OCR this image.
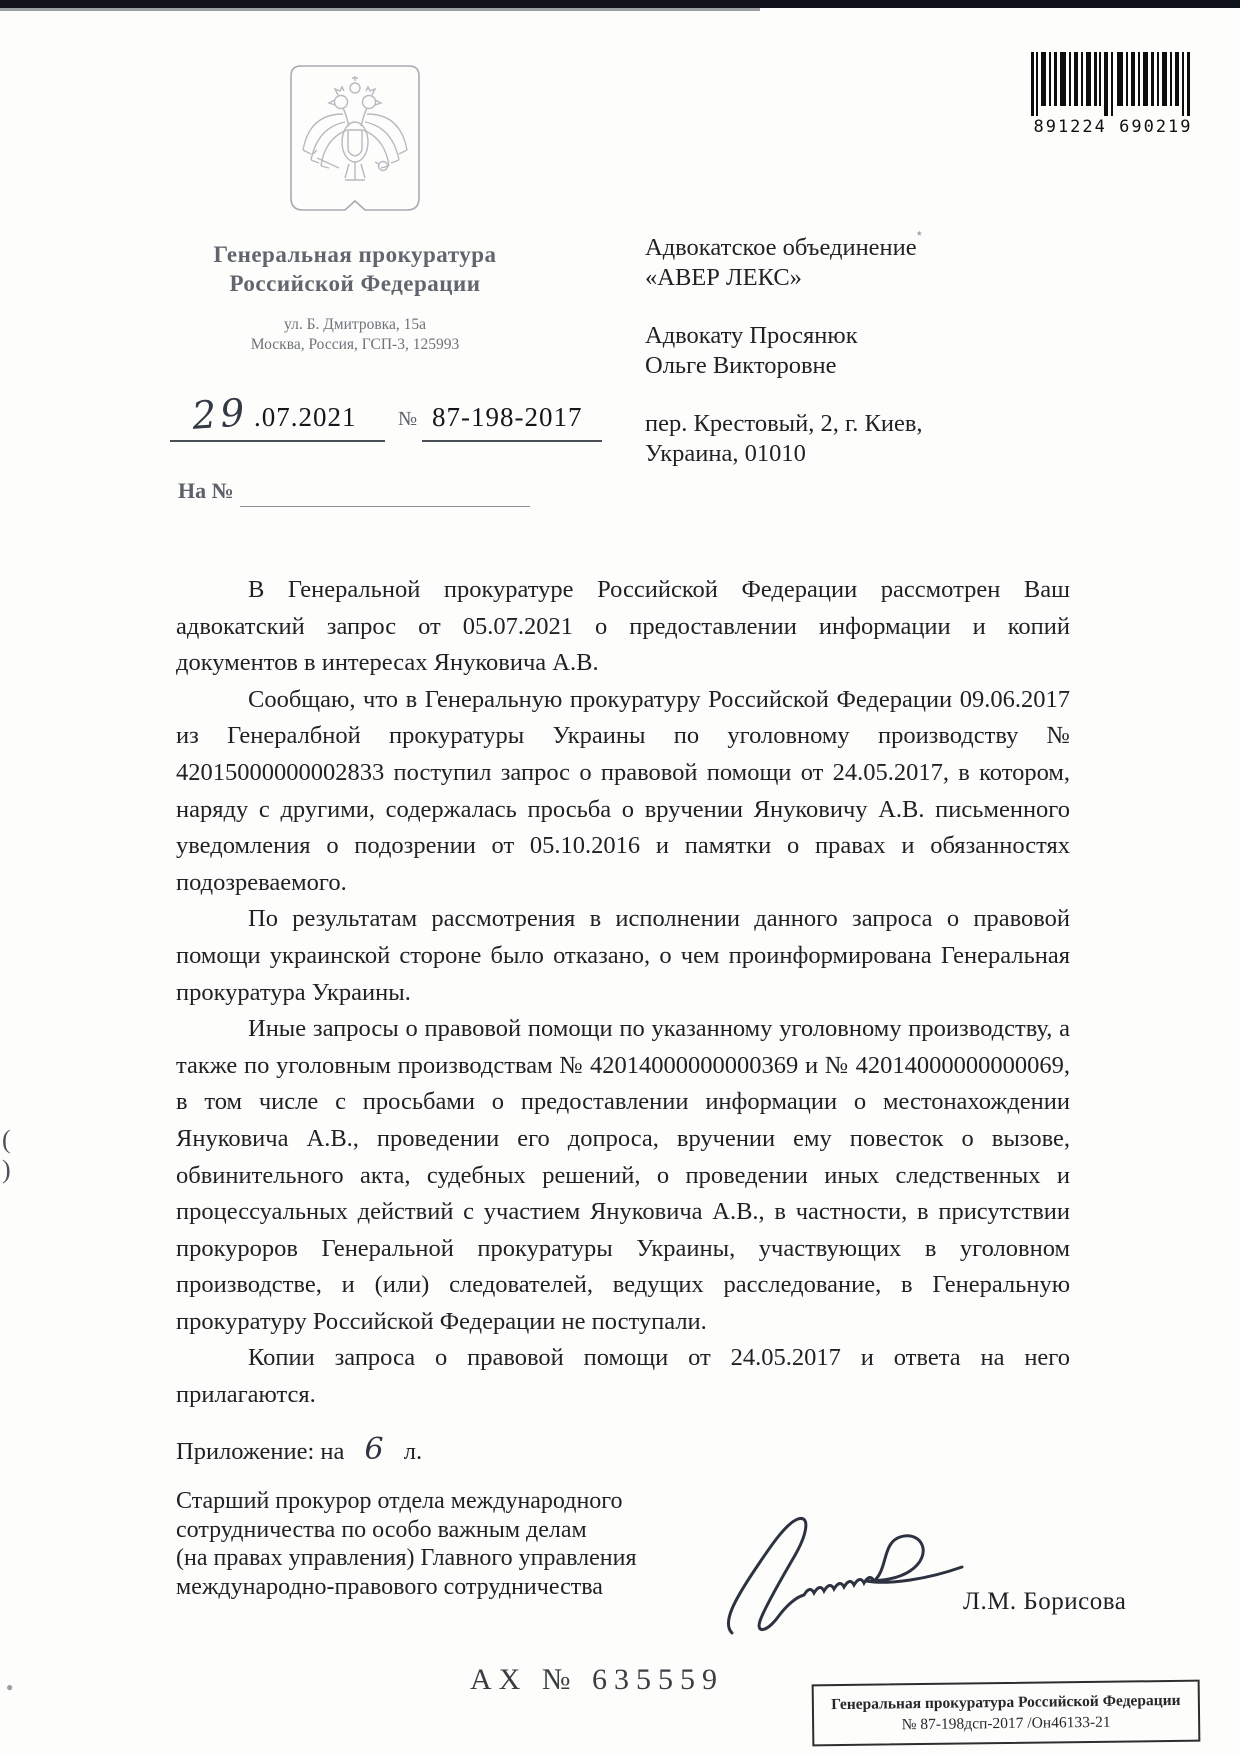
٭
(
)
●
Генеральная прокуратура
Российской Федерации
ул. Б. Дмитровка, 15а
Москва, Россия, ГСП-3, 125993
29 .07.2021 № 87-198-2017
На №
891224 690219
Адвокатское объединение
«АВЕР ЛЕКС»
Адвокату Просянюк
Ольге Викторовне
пер. Крестовый, 2, г. Киев,
Украина, 01010

В Генеральной прокуратуре Российской Федерации рассмотрен Ваш адвокатский запрос от 05.07.2021 о предоставлении информации и копий документов в интересах Януковича А.В.

Сообщаю, что в Генеральную прокуратуру Российской Федерации 09.06.2017 из Генералбной прокуратуры Украины по уголовному производству № 42015000000002833 поступил запрос о правовой помощи от 24.05.2017, в котором, наряду с другими, содержалась просьба о вручении Януковичу А.В. письменного уведомления о подозрении от 05.10.2016 и памятки о правах и обязанностях подозреваемого.

По результатам рассмотрения в исполнении данного запроса о правовой помощи украинской стороне было отказано, о чем проинформирована Генеральная прокуратура Украины.

Иные запросы о правовой помощи по указанному уголовному производству, а также по уголовным производствам № 42014000000000369 и № 42014000000000069, в том числе с просьбами о предоставлении информации о местонахождении Януковича А.В., проведении его допроса, вручении ему повесток о вызове, обвинительного акта, судебных решений, о проведении иных следственных и процессуальных действий с участием Януковича А.В., в частности, в присутствии прокуроров Генеральной прокуратуры Украины, участвующих в уголовном производстве, и (или) следователей, ведущих расследование, в Генеральную прокуратуру Российской Федерации не поступали.

Копии запроса о правовой помощи от 24.05.2017 и ответа на него прилагаются.

Приложение: на 6 л.
Старший прокурор отдела международного
сотрудничества по особо важным делам
(на правах управления) Главного управления
международно-правового сотрудничества
Л.М. Борисова
АХ № 635559
Генеральная прокуратура Российской Федерации
№ 87-198дсп-2017 /Он46133-21
